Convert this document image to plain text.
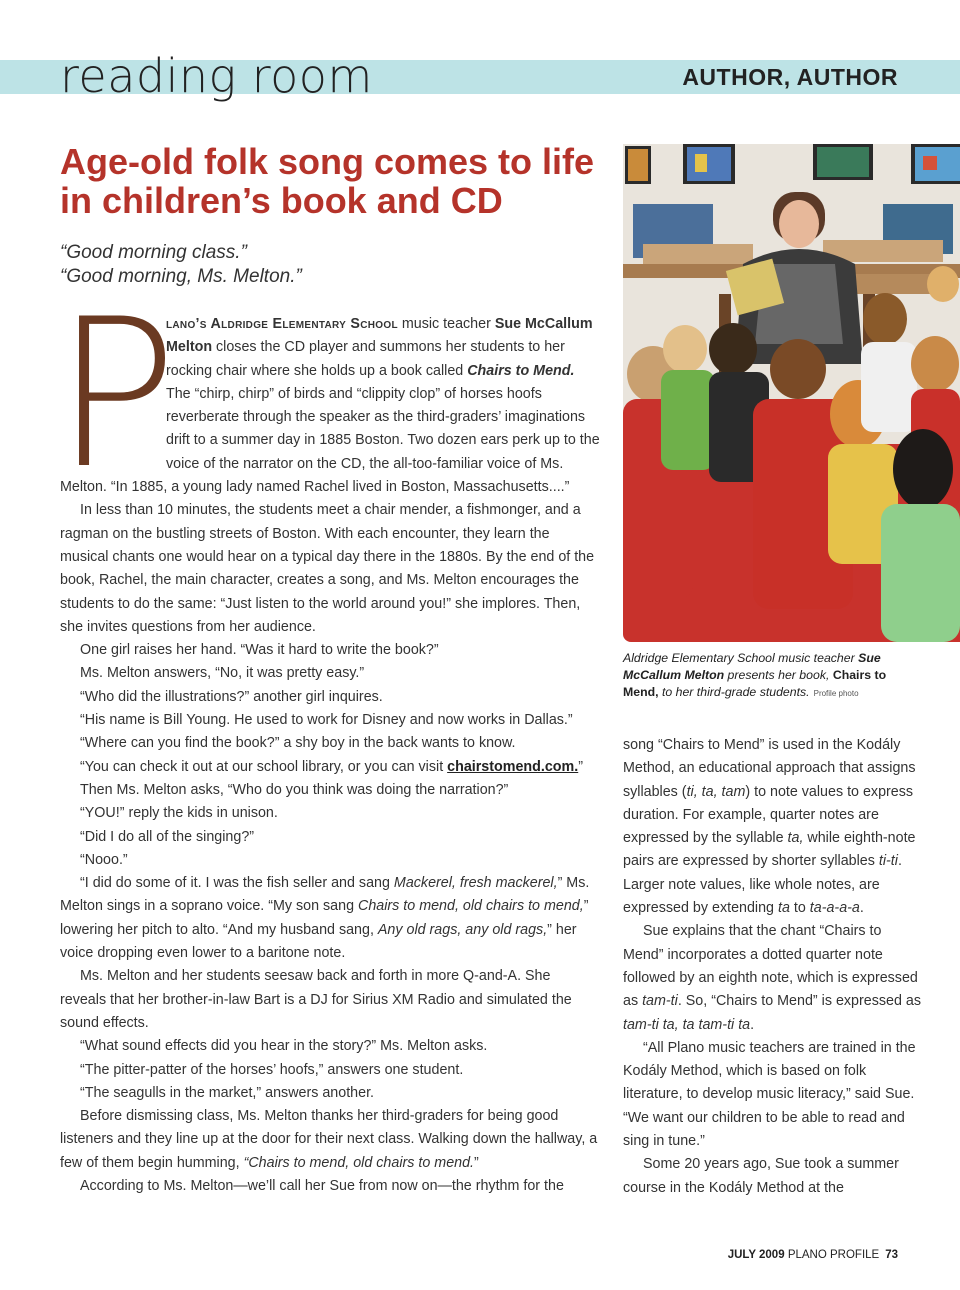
reading room	AUTHOR, AUTHOR
Age-old folk song comes to life in children’s book and CD
“Good morning class.”
“Good morning, Ms. Melton.”
P

lano’s Aldridge Elementary School music teacher Sue McCallum Melton closes the CD player and summons her students to her rocking chair where she holds up a book called Chairs to Mend. The “chirp, chirp” of birds and “clippity clop” of horses hoofs reverberate through the speaker as the third-graders’ imaginations drift to a summer day in 1885 Boston. Two dozen ears perk up to the voice of the narrator on the CD, the all-too-familiar voice of Ms. Melton. “In 1885, a young lady named Rachel lived in Boston, Massachusetts....”

In less than 10 minutes, the students meet a chair mender, a fishmonger, and a ragman on the bustling streets of Boston. With each encounter, they learn the musical chants one would hear on a typical day there in the 1880s. By the end of the book, Rachel, the main character, creates a song, and Ms. Melton encourages the students to do the same: “Just listen to the world around you!” she implores. Then, she invites questions from her audience.

One girl raises her hand. “Was it hard to write the book?”

Ms. Melton answers, “No, it was pretty easy.”

“Who did the illustrations?” another girl inquires.

“His name is Bill Young. He used to work for Disney and now works in Dallas.”

“Where can you find the book?” a shy boy in the back wants to know.

“You can check it out at our school library, or you can visit chairstomend.com.”

Then Ms. Melton asks, “Who do you think was doing the narration?”

“YOU!” reply the kids in unison.

“Did I do all of the singing?”

“Nooo.”

“I did do some of it. I was the fish seller and sang Mackerel, fresh mackerel,” Ms. Melton sings in a soprano voice. “My son sang Chairs to mend, old chairs to mend,” lowering her pitch to alto. “And my husband sang, Any old rags, any old rags,” her voice dropping even lower to a baritone note.

Ms. Melton and her students seesaw back and forth in more Q-and-A. She reveals that her brother-in-law Bart is a DJ for Sirius XM Radio and simulated the sound effects.

“What sound effects did you hear in the story?” Ms. Melton asks.

“The pitter-patter of the horses’ hoofs,” answers one student.

“The seagulls in the market,” answers another.

Before dismissing class, Ms. Melton thanks her third-graders for being good listeners and they line up at the door for their next class. Walking down the hallway, a few of them begin humming, “Chairs to mend, old chairs to mend.”

According to Ms. Melton—we’ll call her Sue from now on—the rhythm for the

Aldridge Elementary School music teacher Sue McCallum Melton presents her book, Chairs to Mend, to her third-grade students. Profile photo

song “Chairs to Mend” is used in the Kodály Method, an educational approach that assigns syllables (ti, ta, tam) to note values to express duration. For example, quarter notes are expressed by the syllable ta, while eighth-note pairs are expressed by shorter syllables ti-ti. Larger note values, like whole notes, are expressed by extending ta to ta-a-a-a.

Sue explains that the chant “Chairs to Mend” incorporates a dotted quarter note followed by an eighth note, which is expressed as tam-ti. So, “Chairs to Mend” is expressed as tam-ti ta, ta tam-ti ta.

“All Plano music teachers are trained in the Kodály Method, which is based on folk literature, to develop music literacy,” said Sue. “We want our children to be able to read and sing in tune.”

Some 20 years ago, Sue took a summer course in the Kodály Method at the

JULY 2009 PLANO PROFILE 73
